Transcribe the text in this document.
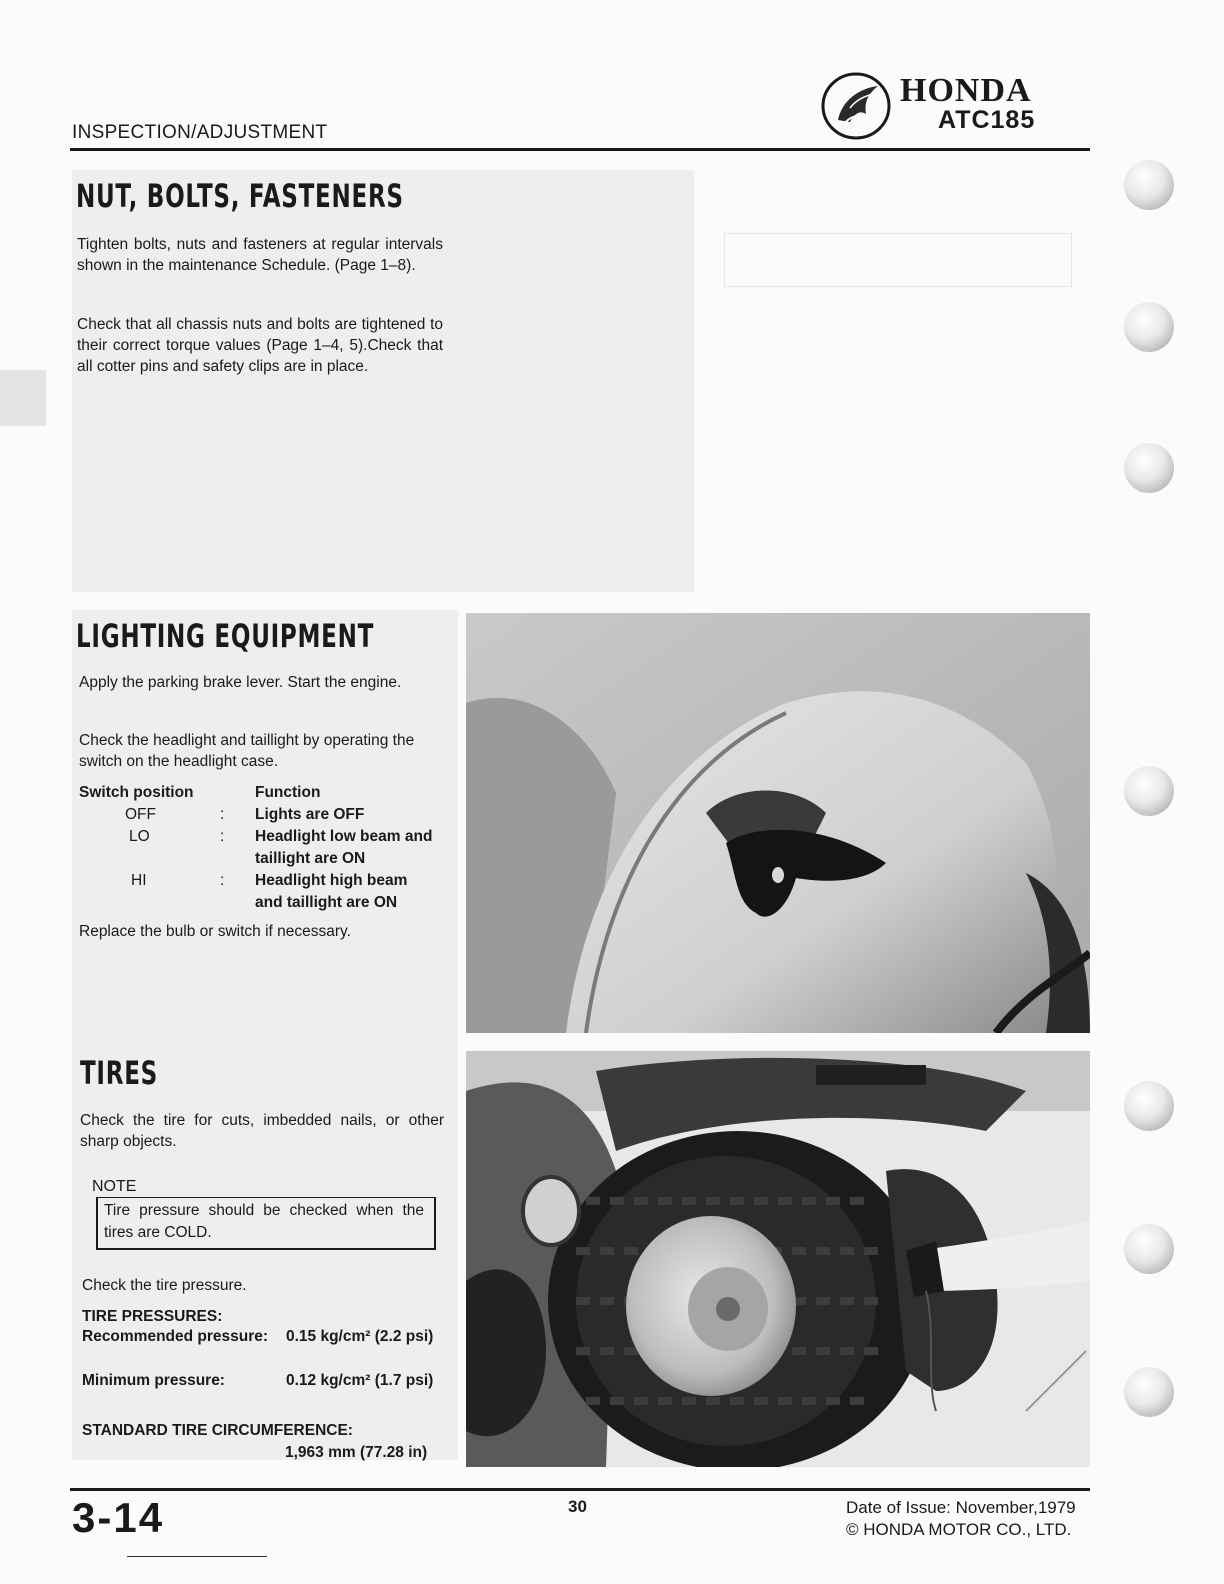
INSPECTION/ADJUSTMENT
HONDA
ATC185
NUT, BOLTS, FASTENERS
Tighten bolts, nuts and fasteners at regular intervals shown in the maintenance Schedule. (Page 1–8).
Check that all chassis nuts and bolts are tightened to their correct torque values (Page 1–4, 5).Check that all cotter pins and safety clips are in place.
LIGHTING EQUIPMENT
Apply the parking brake lever. Start the engine.
Check the headlight and taillight by operating the switch on the headlight case.
Switch position	Function
OFF	: Lights are OFF
LO	: Headlight low beam and taillight are ON
HI	: Headlight high beam and taillight are ON
Replace the bulb or switch if necessary.
TIRES
Check the tire for cuts, imbedded nails, or other sharp objects.
NOTE
Tire pressure should be checked when the tires are COLD.
Check the tire pressure.
TIRE PRESSURES:
Recommended pressure: 0.15 kg/cm² (2.2 psi)
Minimum pressure:	0.12 kg/cm² (1.7 psi)
STANDARD TIRE CIRCUMFERENCE:
1,963 mm (77.28 in)
3-14	30	Date of Issue: November,1979
© HONDA MOTOR CO., LTD.
